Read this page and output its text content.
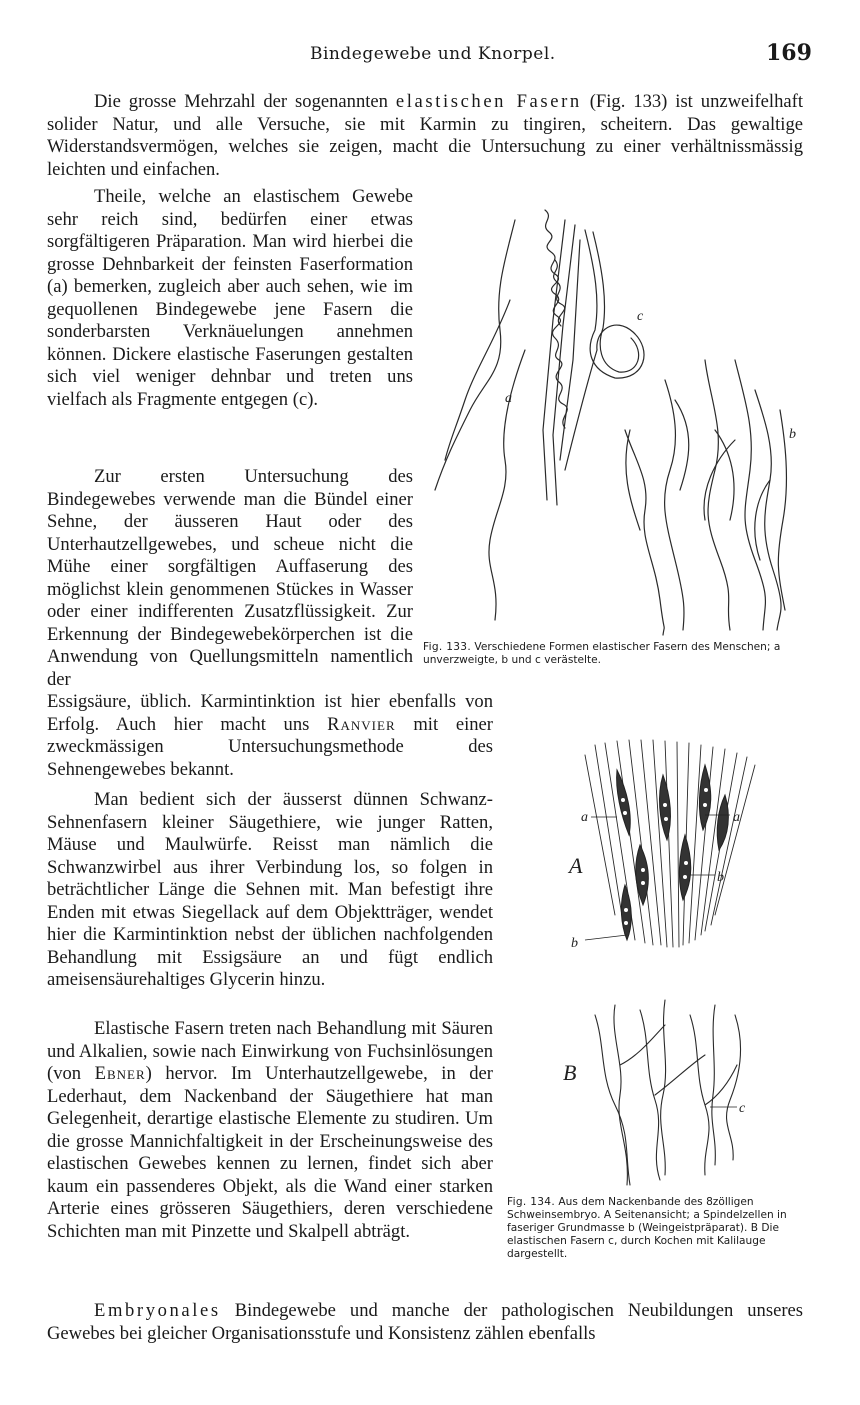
Bindegewebe und Knorpel.	169

Die grosse Mehrzahl der sogenannten elastischen Fasern (Fig. 133) ist unzweifelhaft solider Natur, und alle Versuche, sie mit Karmin zu tingiren, scheitern. Das gewaltige Widerstandsvermögen, welches sie zeigen, macht die Untersuchung zu einer verhältnissmässig leichten und einfachen.

Theile, welche an elastischem Gewebe sehr reich sind, bedürfen einer etwas sorgfältigeren Präparation. Man wird hierbei die grosse Dehnbarkeit der feinsten Faserformation (a) bemerken, zugleich aber auch sehen, wie im gequollenen Bindegewebe jene Fasern die sonderbarsten Verknäuelungen annehmen können. Dickere elastische Faserungen gestalten sich viel weniger dehnbar und treten uns vielfach als Fragmente entgegen (c).

Zur ersten Untersuchung des Bindegewebes verwende man die Bündel einer Sehne, der äusseren Haut oder des Unterhautzellgewebes, und scheue nicht die Mühe einer sorgfältigen Auffaserung des möglichst klein genommenen Stückes in Wasser oder einer indifferenten Zusatzflüssigkeit. Zur Erkennung der Bindegewebekörperchen ist die Anwendung von Quellungsmitteln namentlich der

Essigsäure, üblich. Karmintinktion ist hier ebenfalls von Erfolg. Auch hier macht uns Ranvier mit einer zweckmässigen Untersuchungsmethode des Sehnengewebes bekannt.

Man bedient sich der äusserst dünnen Schwanz-Sehnenfasern kleiner Säugethiere, wie junger Ratten, Mäuse und Maulwürfe. Reisst man nämlich die Schwanzwirbel aus ihrer Verbindung los, so folgen in beträchtlicher Länge die Sehnen mit. Man befestigt ihre Enden mit etwas Siegellack auf dem Objektträger, wendet hier die Karmintinktion nebst der üblichen nachfolgenden Behandlung mit Essigsäure an und fügt endlich ameisensäurehaltiges Glycerin hinzu.

Elastische Fasern treten nach Behandlung mit Säuren und Alkalien, sowie nach Einwirkung von Fuchsinlösungen (von Ebner) hervor. Im Unterhautzellgewebe, in der Lederhaut, dem Nackenband der Säugethiere hat man Gelegenheit, derartige elastische Elemente zu studiren. Um die grosse Mannichfaltigkeit in der Erscheinungsweise des elastischen Gewebes kennen zu lernen, findet sich aber kaum ein passenderes Objekt, als die Wand einer starken Arterie eines grösseren Säugethiers, deren verschiedene Schichten man mit Pinzette und Skalpell abträgt.

Embryonales Bindegewebe und manche der pathologischen Neubildungen unseres Gewebes bei gleicher Organisationsstufe und Konsistenz zählen ebenfalls

a
b
c

Fig. 133. Verschiedene Formen elastischer Fasern des Menschen; a unverzweigte, b und c verästelte.

A
B
a	a
b
b
c

Fig. 134. Aus dem Nackenbande des 8zölligen Schweinsembryo. A Seitenansicht; a Spindelzellen in faseriger Grundmasse b (Weingeistpräparat). B Die elastischen Fasern c, durch Kochen mit Kalilauge dargestellt.
